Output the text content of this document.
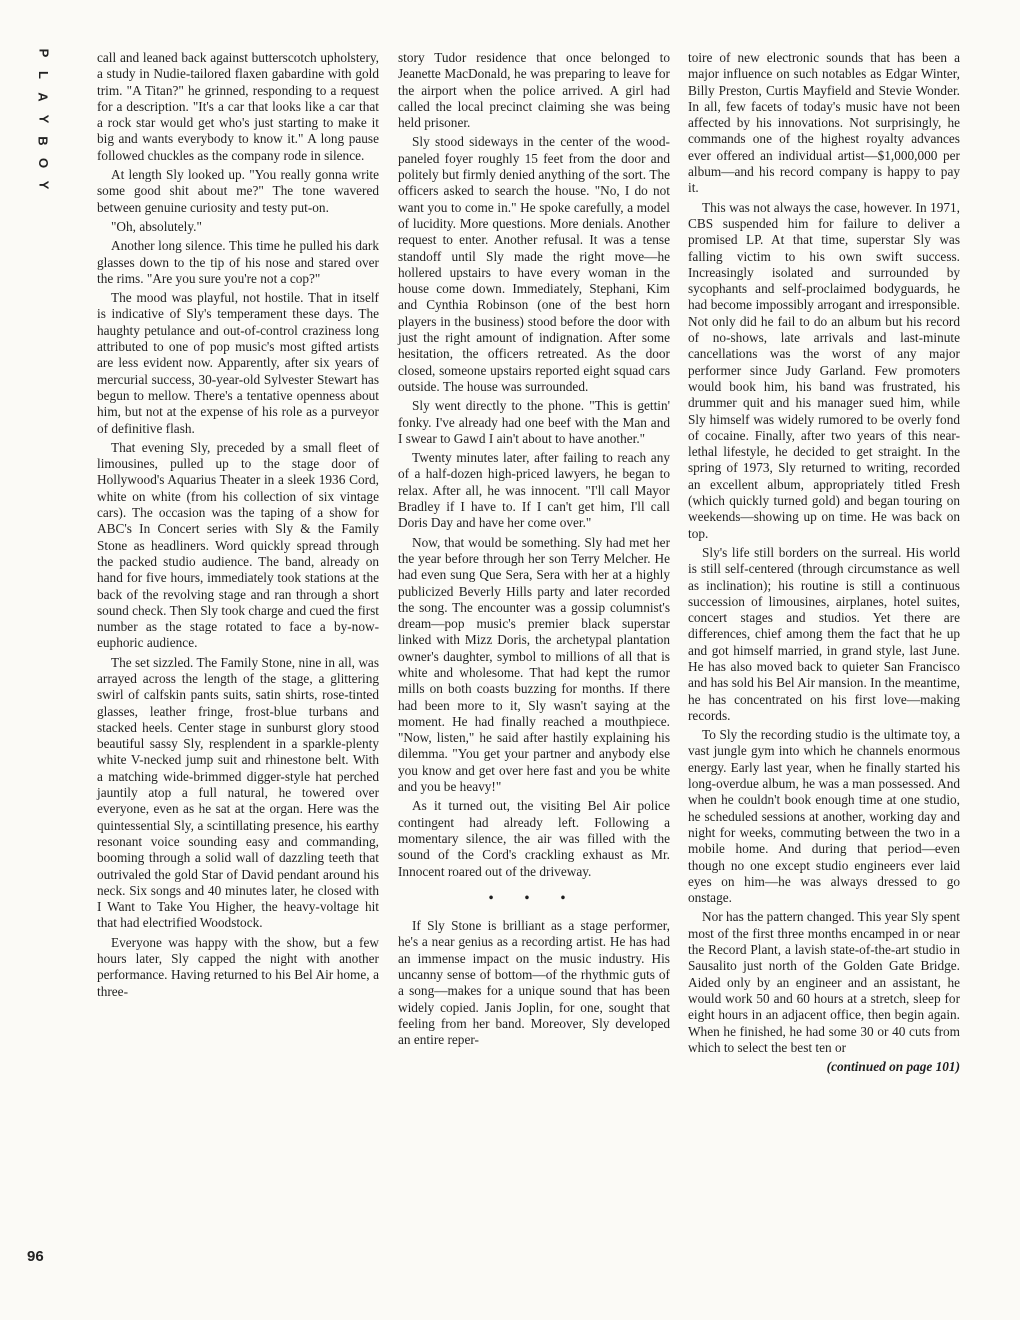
P
L
A
Y
B
O
Y
96

call and leaned back against butterscotch upholstery, a study in Nudie-tailored flaxen gabardine with gold trim. "A Titan?" he grinned, responding to a request for a description. "It's a car that looks like a car that a rock star would get who's just starting to make it big and wants everybody to know it." A long pause followed chuckles as the company rode in silence.

At length Sly looked up. "You really gonna write some good shit about me?" The tone wavered between genuine curiosity and testy put-on.

"Oh, absolutely."

Another long silence. This time he pulled his dark glasses down to the tip of his nose and stared over the rims. "Are you sure you're not a cop?"

The mood was playful, not hostile. That in itself is indicative of Sly's temperament these days. The haughty petulance and out-of-control craziness long attributed to one of pop music's most gifted artists are less evident now. Apparently, after six years of mercurial success, 30-year-old Sylvester Stewart has begun to mellow. There's a tentative openness about him, but not at the expense of his role as a purveyor of definitive flash.

That evening Sly, preceded by a small fleet of limousines, pulled up to the stage door of Hollywood's Aquarius Theater in a sleek 1936 Cord, white on white (from his collection of six vintage cars). The occasion was the taping of a show for ABC's In Concert series with Sly & the Family Stone as headliners. Word quickly spread through the packed studio audience. The band, already on hand for five hours, immediately took stations at the back of the revolving stage and ran through a short sound check. Then Sly took charge and cued the first number as the stage rotated to face a by-now-euphoric audience.

The set sizzled. The Family Stone, nine in all, was arrayed across the length of the stage, a glittering swirl of calfskin pants suits, satin shirts, rose-tinted glasses, leather fringe, frost-blue turbans and stacked heels. Center stage in sunburst glory stood beautiful sassy Sly, resplendent in a sparkle-plenty white V-necked jump suit and rhinestone belt. With a matching wide-brimmed digger-style hat perched jauntily atop a full natural, he towered over everyone, even as he sat at the organ. Here was the quintessential Sly, a scintillating presence, his earthy resonant voice sounding easy and commanding, booming through a solid wall of dazzling teeth that outrivaled the gold Star of David pendant around his neck. Six songs and 40 minutes later, he closed with I Want to Take You Higher, the heavy-voltage hit that had electrified Woodstock.

Everyone was happy with the show, but a few hours later, Sly capped the night with another performance. Having returned to his Bel Air home, a three-

story Tudor residence that once belonged to Jeanette MacDonald, he was preparing to leave for the airport when the police arrived. A girl had called the local precinct claiming she was being held prisoner.

Sly stood sideways in the center of the wood-paneled foyer roughly 15 feet from the door and politely but firmly denied anything of the sort. The officers asked to search the house. "No, I do not want you to come in." He spoke carefully, a model of lucidity. More questions. More denials. Another request to enter. Another refusal. It was a tense standoff until Sly made the right move—he hollered upstairs to have every woman in the house come down. Immediately, Stephani, Kim and Cynthia Robinson (one of the best horn players in the business) stood before the door with just the right amount of indignation. After some hesitation, the officers retreated. As the door closed, someone upstairs reported eight squad cars outside. The house was surrounded.

Sly went directly to the phone. "This is gettin' fonky. I've already had one beef with the Man and I swear to Gawd I ain't about to have another."

Twenty minutes later, after failing to reach any of a half-dozen high-priced lawyers, he began to relax. After all, he was innocent. "I'll call Mayor Bradley if I have to. If I can't get him, I'll call Doris Day and have her come over."

Now, that would be something. Sly had met her the year before through her son Terry Melcher. He had even sung Que Sera, Sera with her at a highly publicized Beverly Hills party and later recorded the song. The encounter was a gossip columnist's dream—pop music's premier black superstar linked with Mizz Doris, the archetypal plantation owner's daughter, symbol to millions of all that is white and wholesome. That had kept the rumor mills on both coasts buzzing for months. If there had been more to it, Sly wasn't saying at the moment. He had finally reached a mouthpiece. "Now, listen," he said after hastily explaining his dilemma. "You get your partner and anybody else you know and get over here fast and you be white and you be heavy!"

As it turned out, the visiting Bel Air police contingent had already left. Following a momentary silence, the air was filled with the sound of the Cord's crackling exhaust as Mr. Innocent roared out of the driveway.

• • •

If Sly Stone is brilliant as a stage performer, he's a near genius as a recording artist. He has had an immense impact on the music industry. His uncanny sense of bottom—of the rhythmic guts of a song—makes for a unique sound that has been widely copied. Janis Joplin, for one, sought that feeling from her band. Moreover, Sly developed an entire reper-

toire of new electronic sounds that has been a major influence on such notables as Edgar Winter, Billy Preston, Curtis Mayfield and Stevie Wonder. In all, few facets of today's music have not been affected by his innovations. Not surprisingly, he commands one of the highest royalty advances ever offered an individual artist—$1,000,000 per album—and his record company is happy to pay it.

This was not always the case, however. In 1971, CBS suspended him for failure to deliver a promised LP. At that time, superstar Sly was falling victim to his own swift success. Increasingly isolated and surrounded by sycophants and self-proclaimed bodyguards, he had become impossibly arrogant and irresponsible. Not only did he fail to do an album but his record of no-shows, late arrivals and last-minute cancellations was the worst of any major performer since Judy Garland. Few promoters would book him, his band was frustrated, his drummer quit and his manager sued him, while Sly himself was widely rumored to be overly fond of cocaine. Finally, after two years of this near-lethal lifestyle, he decided to get straight. In the spring of 1973, Sly returned to writing, recorded an excellent album, appropriately titled Fresh (which quickly turned gold) and began touring on weekends—showing up on time. He was back on top.

Sly's life still borders on the surreal. His world is still self-centered (through circumstance as well as inclination); his routine is still a continuous succession of limousines, airplanes, hotel suites, concert stages and studios. Yet there are differences, chief among them the fact that he up and got himself married, in grand style, last June. He has also moved back to quieter San Francisco and has sold his Bel Air mansion. In the meantime, he has concentrated on his first love—making records.

To Sly the recording studio is the ultimate toy, a vast jungle gym into which he channels enormous energy. Early last year, when he finally started his long-overdue album, he was a man possessed. And when he couldn't book enough time at one studio, he scheduled sessions at another, working day and night for weeks, commuting between the two in a mobile home. And during that period—even though no one except studio engineers ever laid eyes on him—he was always dressed to go onstage.

Nor has the pattern changed. This year Sly spent most of the first three months encamped in or near the Record Plant, a lavish state-of-the-art studio in Sausalito just north of the Golden Gate Bridge. Aided only by an engineer and an assistant, he would work 50 and 60 hours at a stretch, sleep for eight hours in an adjacent office, then begin again. When he finished, he had some 30 or 40 cuts from which to select the best ten or

(continued on page 101)
